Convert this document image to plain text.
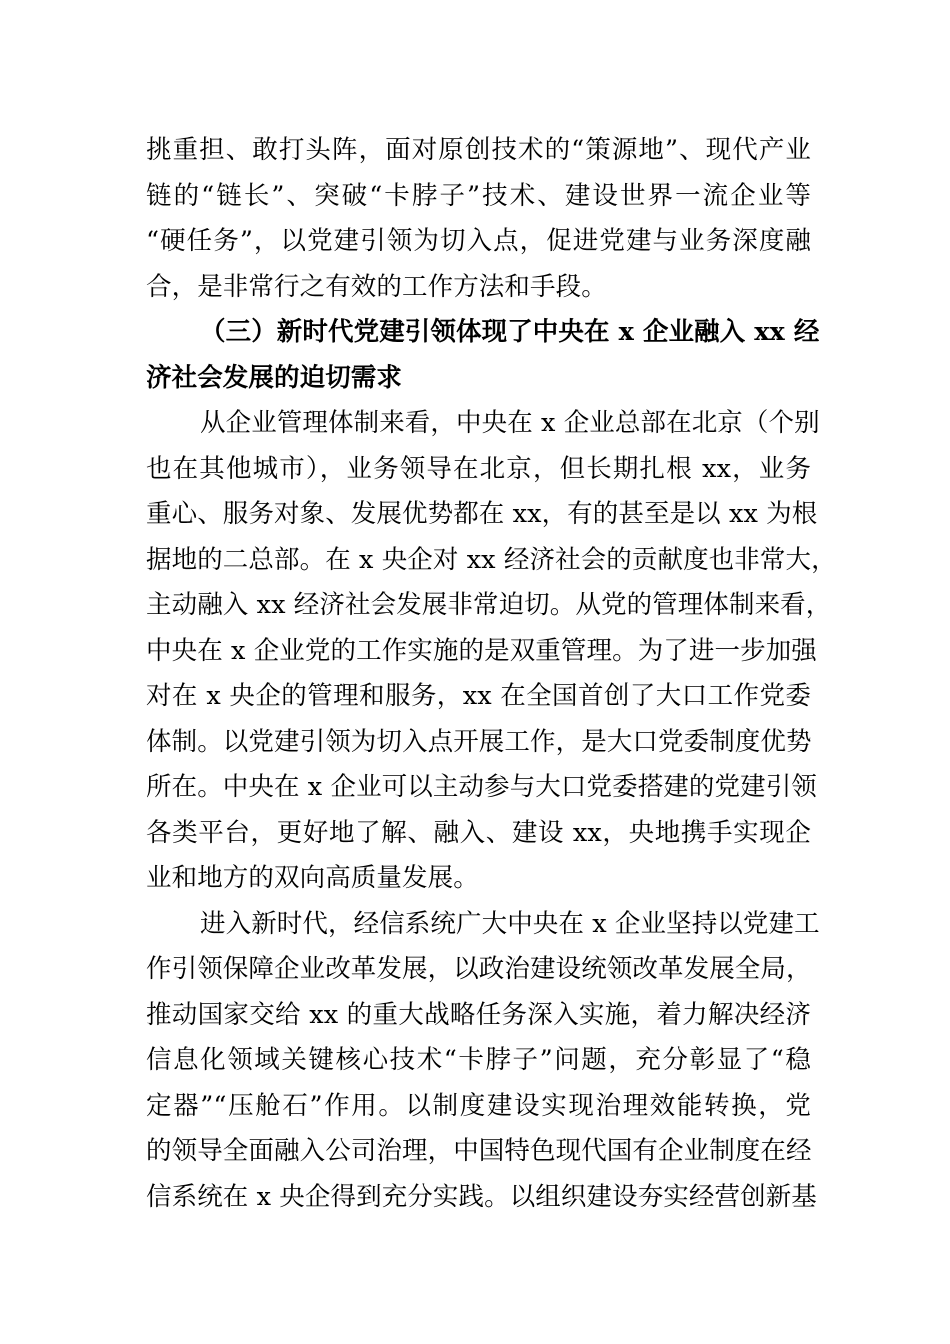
挑重担、敢打头阵，面对原创技术的“策源地”、现代产业
链的“链长”、突破“卡脖子”技术、建设世界一流企业等
“硬任务”，以党建引领为切入点，促进党建与业务深度融
合，是非常行之有效的工作方法和手段。
（三）新时代党建引领体现了中央在 x 企业融入 xx 经
济社会发展的迫切需求
从企业管理体制来看，中央在 x 企业总部在北京（个别
也在其他城市），业务领导在北京，但长期扎根 xx，业务
重心、服务对象、发展优势都在 xx，有的甚至是以 xx 为根
据地的二总部。在 x 央企对 xx 经济社会的贡献度也非常大，
主动融入 xx 经济社会发展非常迫切。从党的管理体制来看，
中央在 x 企业党的工作实施的是双重管理。为了进一步加强
对在 x 央企的管理和服务，xx 在全国首创了大口工作党委
体制。以党建引领为切入点开展工作，是大口党委制度优势
所在。中央在 x 企业可以主动参与大口党委搭建的党建引领
各类平台，更好地了解、融入、建设 xx，央地携手实现企
业和地方的双向高质量发展。
进入新时代，经信系统广大中央在 x 企业坚持以党建工
作引领保障企业改革发展，以政治建设统领改革发展全局，
推动国家交给 xx 的重大战略任务深入实施，着力解决经济
信息化领域关键核心技术“卡脖子”问题，充分彰显了“稳
定器”“压舱石”作用。以制度建设实现治理效能转换，党
的领导全面融入公司治理，中国特色现代国有企业制度在经
信系统在 x 央企得到充分实践。以组织建设夯实经营创新基
